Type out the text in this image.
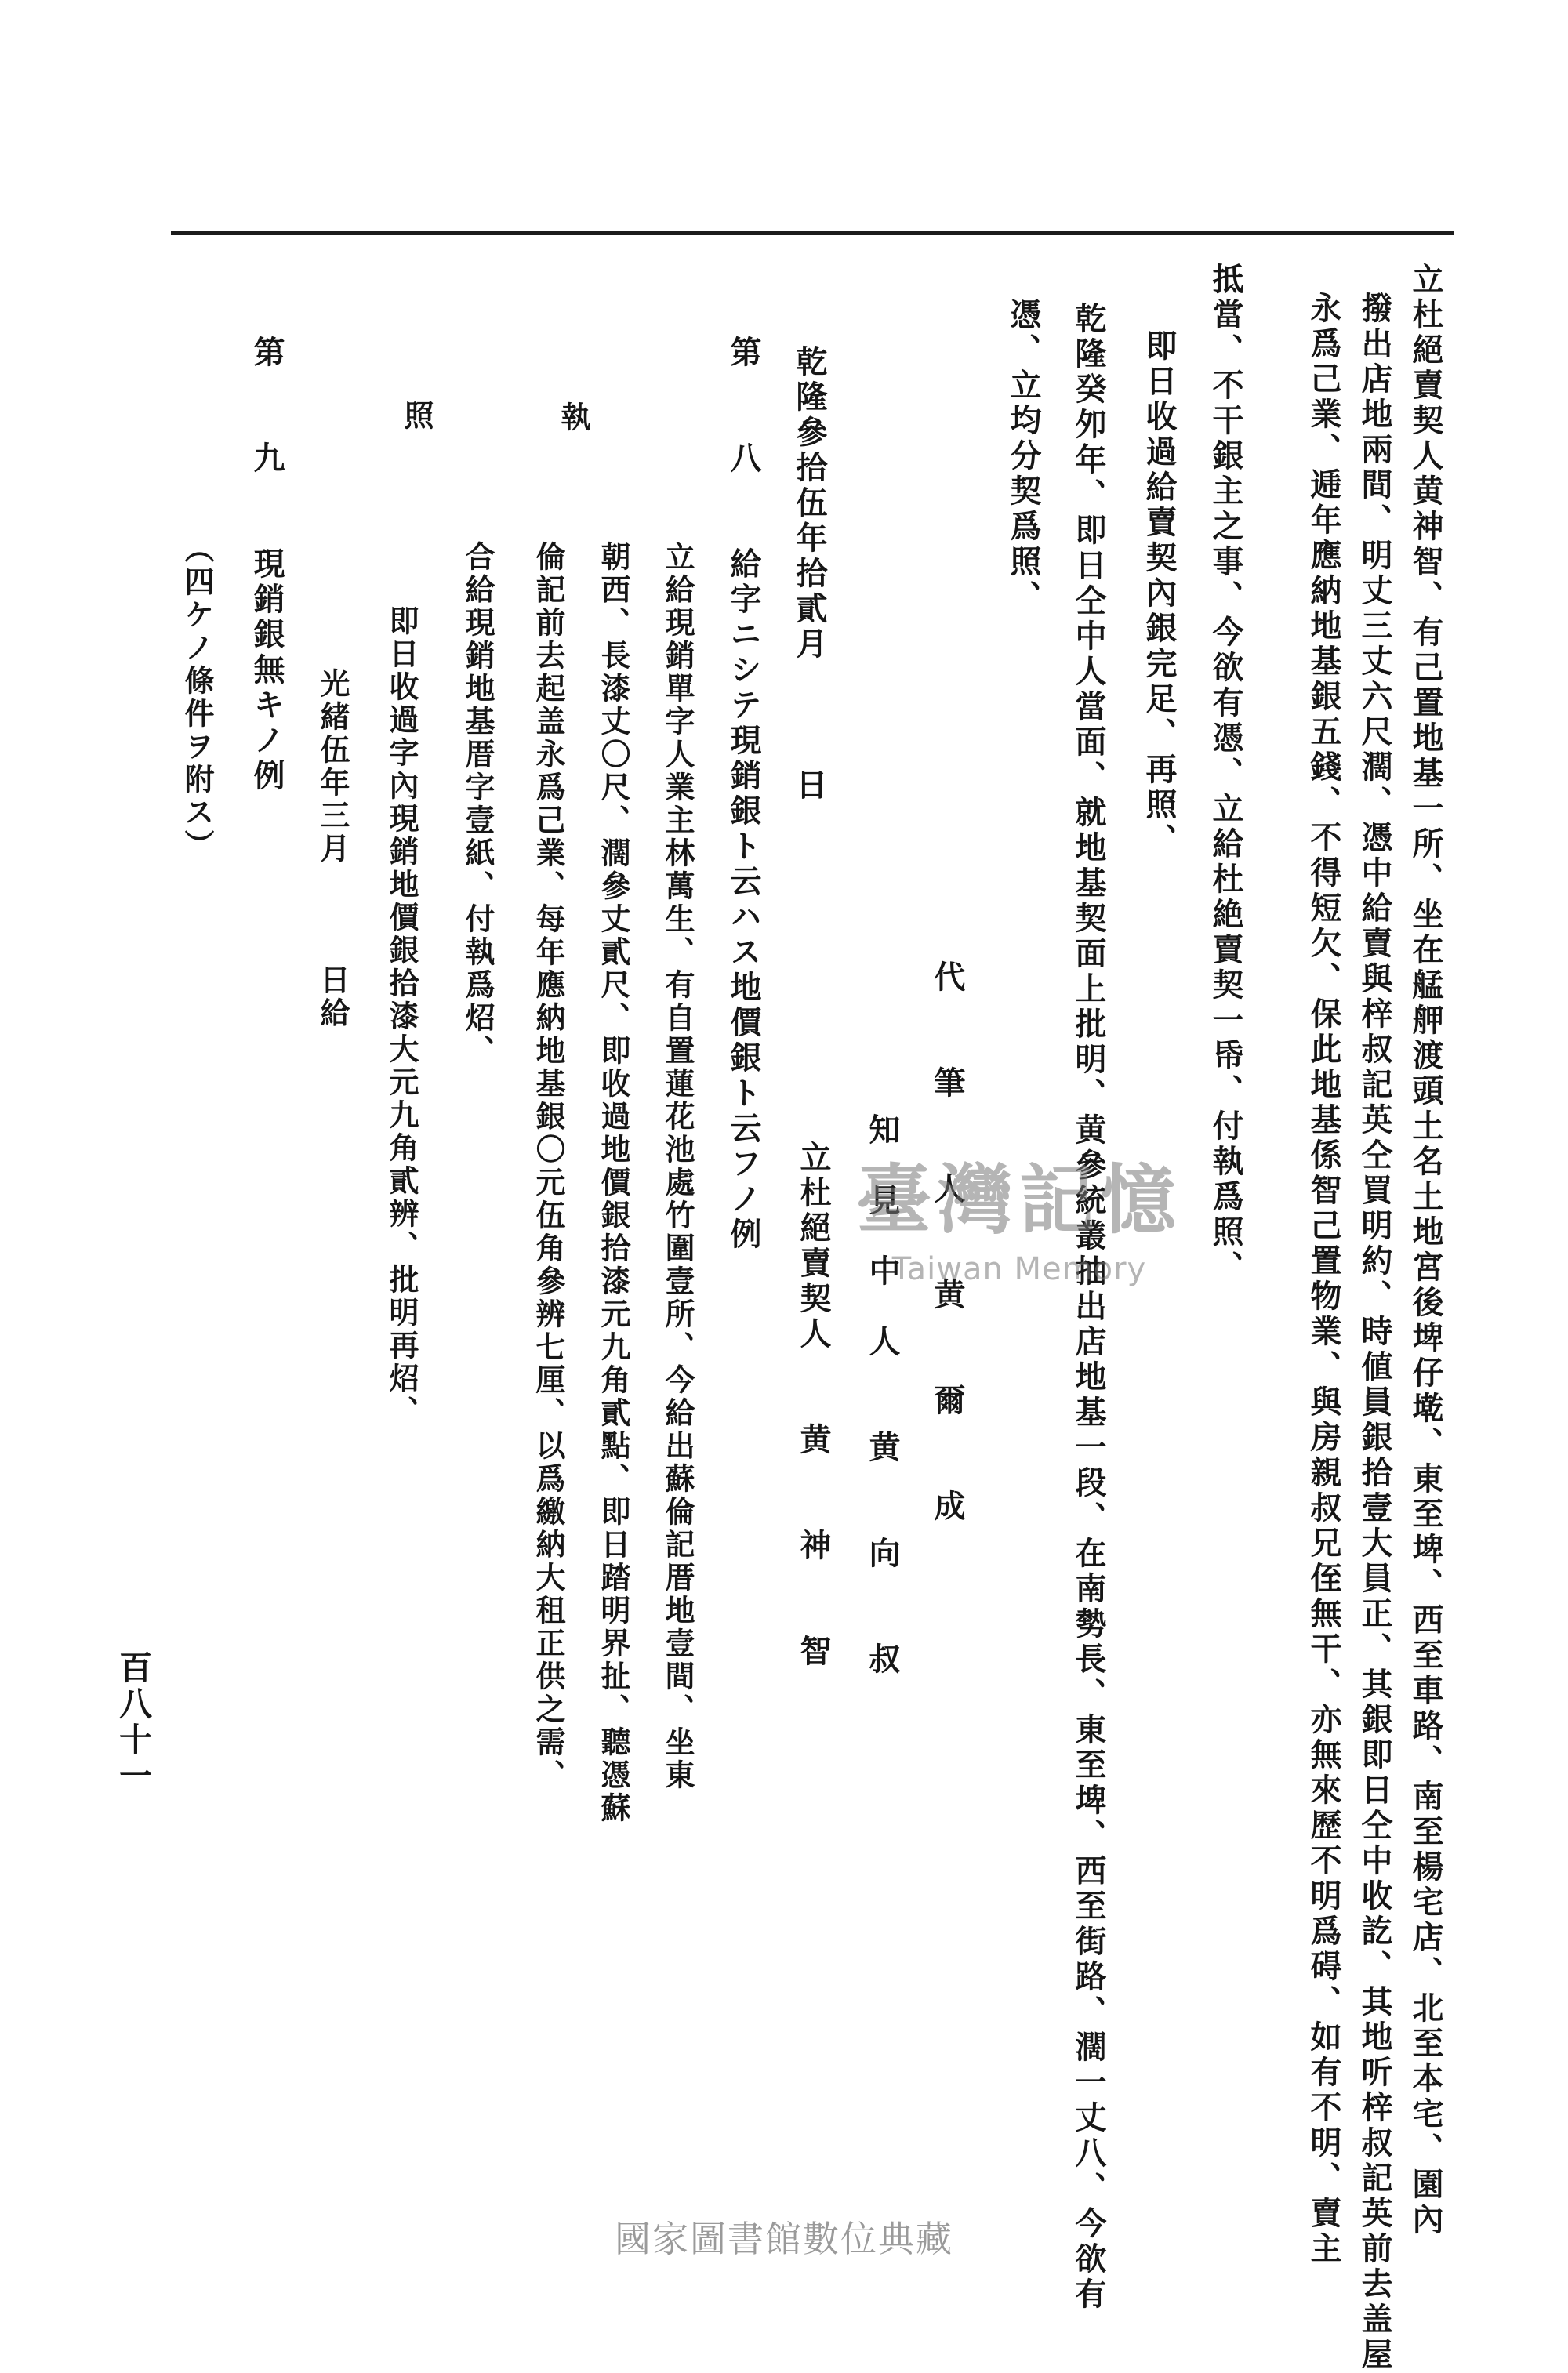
立杜絕賣契人黄神智、有己置地基一所、坐在艋舺渡頭土名土地宮後埤仔墘、東至埤、西至車路、南至楊宅店、北至本宅、園內
撥出店地兩間、明丈三丈六尺濶、憑中給賣與梓叔記英仝買明約、時値員銀拾壹大員正、其銀即日仝中收訖、其地听梓叔記英前去盖屋
永爲己業、逓年應納地基銀五錢、不得短欠、保此地基係智己置物業、與房親叔兄侄無干、亦無來歷不明爲碍、如有不明、賣主
抵當、不干銀主之事、今欲有憑、立給杜絶賣契一帋、付執爲照、
即日收過給賣契內銀完足、再照、
乾隆癸夘年、即日仝中人當面、就地基契面上批明、黄參統叢抽出店地基一段、在南勢長、東至埤、西至街路、濶一丈八、今欲有
憑、立均分契爲照、
代　　筆　　人　　黄　　爾　　成
知　見　中　人　　黄　　向　　叔
立杜絕賣契人　　黄　　神　　智
乾隆參拾伍年拾貳月　　　日
第　　八　　給字ニシテ現銷銀ト云ハス地價銀ト云フノ例
立給現銷單字人業主林萬生、有自置蓮花池處竹圍壹所、今給出蘇倫記厝地壹間、坐東
朝西、長漆丈〇尺、濶參丈貳尺、即收過地價銀拾漆元九角貳點、即日踏明界扯、聽憑蘇
倫記前去起盖永爲己業、每年應納地基銀〇元伍角參辨七厘、以爲繳納大租正供之需、
合給現銷地基厝字壹紙、付執爲炤、
執
即日收過字內現銷地價銀拾漆大元九角貳辨、批明再炤、
照
光緒伍年三月　　　日給
第　　九　　現銷銀無キノ例
（四ケノ條件ヲ附ス）
百八十一
臺灣記憶
Taiwan Memory
國家圖書館數位典藏
